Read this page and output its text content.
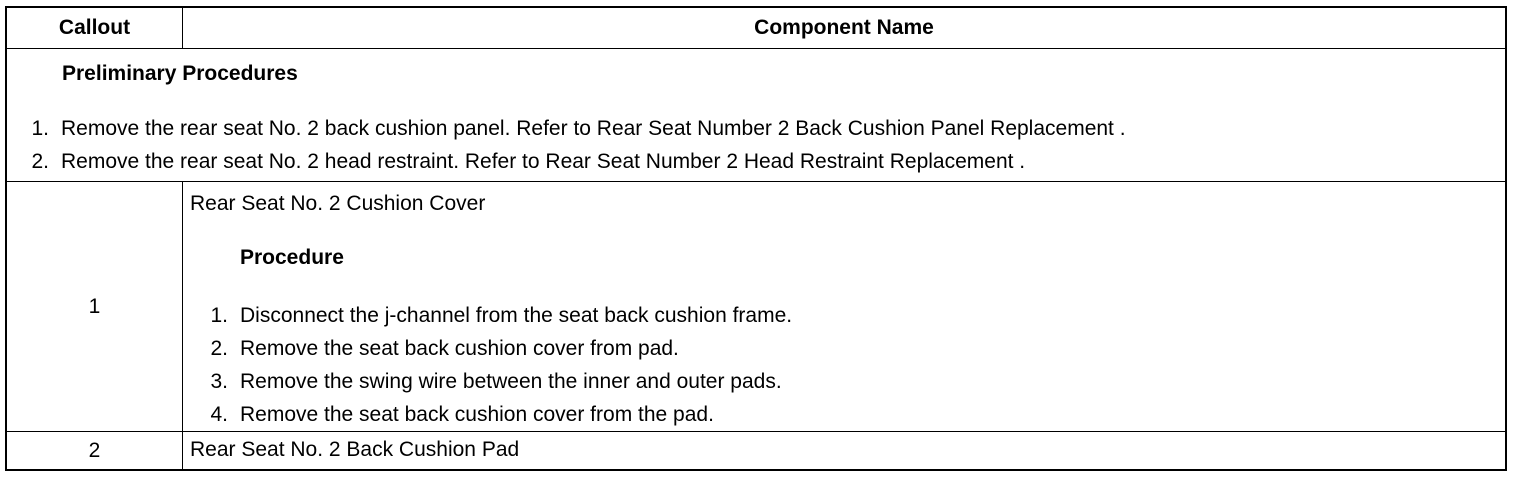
Callout	Component Name
Preliminary Procedures
1. Remove the rear seat No. 2 back cushion panel. Refer to Rear Seat Number 2 Back Cushion Panel Replacement .
2. Remove the rear seat No. 2 head restraint. Refer to Rear Seat Number 2 Head Restraint Replacement .
1
Rear Seat No. 2 Cushion Cover
Procedure
1. Disconnect the j-channel from the seat back cushion frame.
2. Remove the seat back cushion cover from pad.
3. Remove the swing wire between the inner and outer pads.
4. Remove the seat back cushion cover from the pad.
2	Rear Seat No. 2 Back Cushion Pad
